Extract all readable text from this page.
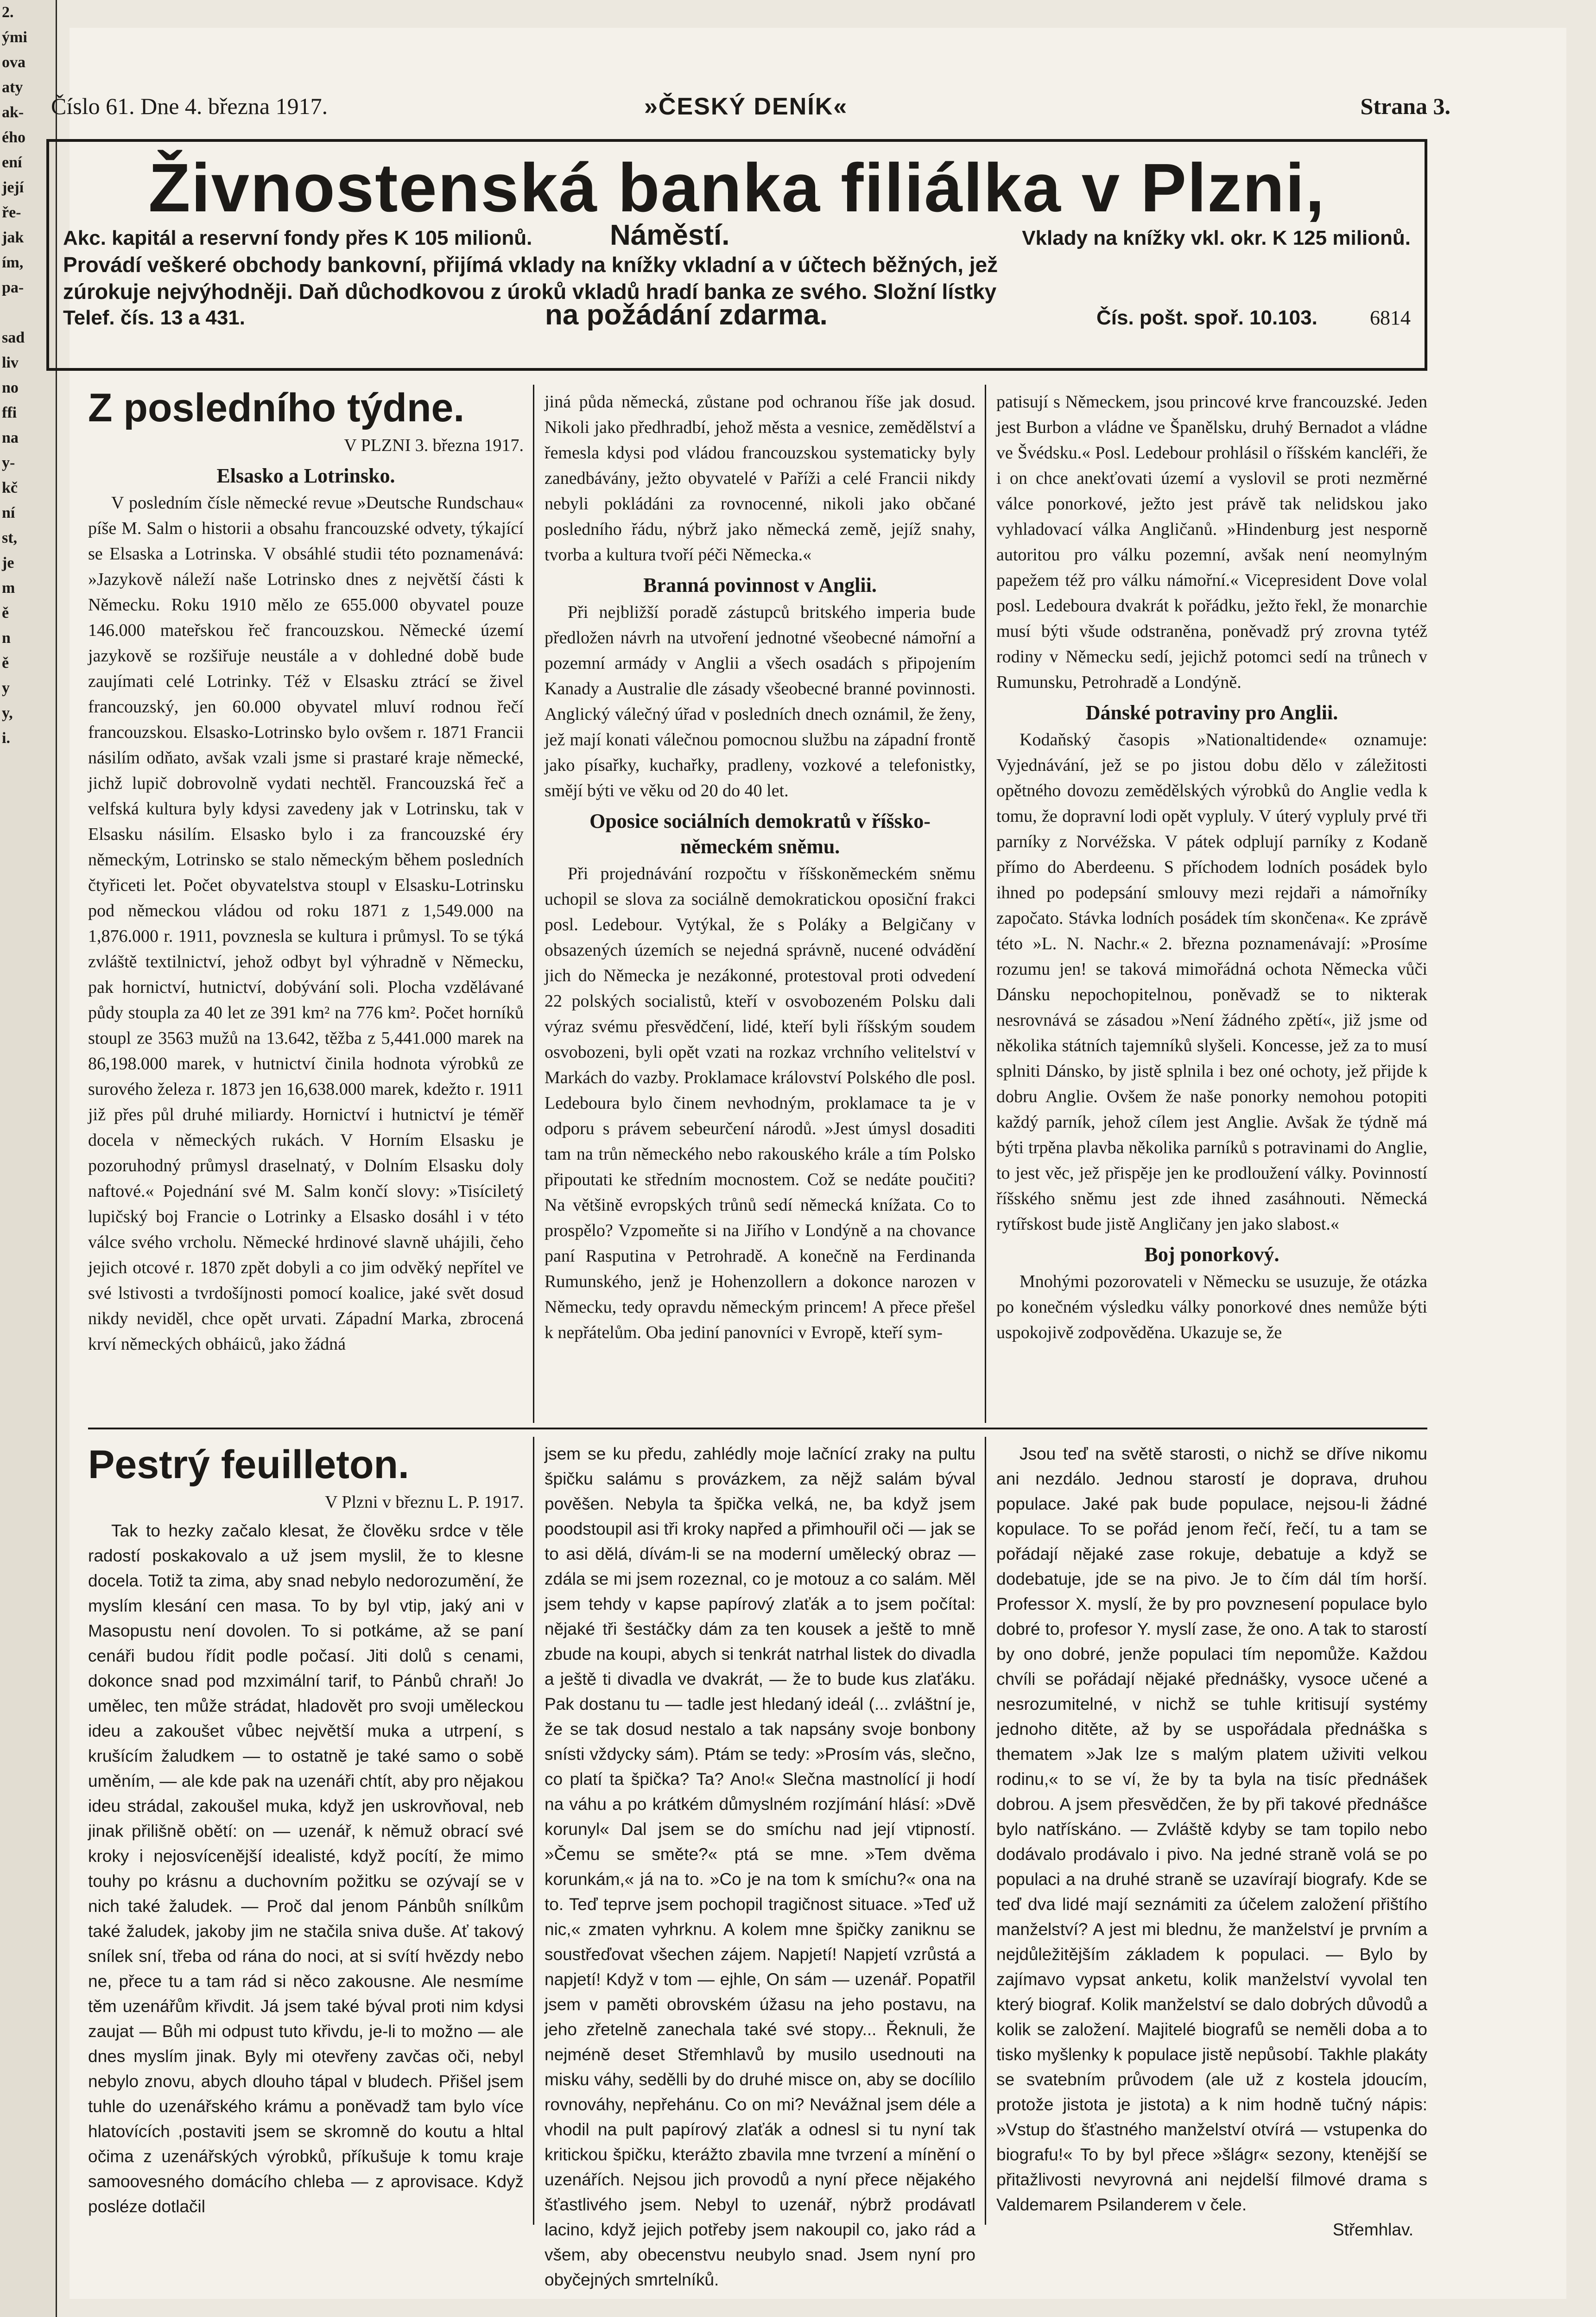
2.
ými
ova
aty
ak-
ého
ení
její
ře-
jak
ím,
pa-

sad
liv
no
ffi
na
y-
kč
ní
st,
je
m
ě
n
ě
y
y,
i.
Číslo 61. Dne 4. března 1917.	»ČESKÝ DENÍK«	Strana 3.
Živnostenská banka filiálka v Plzni,
Akc. kapitál a reservní fondy přes K 105 milionů.	Náměstí.	Vklady na knížky vkl. okr. K 125 milionů.
Provádí veškeré obchody bankovní, přijímá vklady na knížky vkladní a v účtech běžných, jež
zúrokuje nejvýhodněji. Daň důchodkovou z úroků vkladů hradí banka ze svého. Složní lístky
Telef. čís. 13 a 431.	na požádání zdarma.	Čís. pošt. spoř. 10.103.	6814
Z posledního týdne.
V PLZNI 3. března 1917.
Elsasko a Lotrinsko.

V posledním čísle německé revue »Deutsche Rundschau« píše M. Salm o historii a obsahu francouzské odvety, týkající se Elsaska a Lotrinska. V obsáhlé studii této poznamenává: »Jazykově náleží naše Lotrinsko dnes z největší části k Německu. Roku 1910 mělo ze 655.000 obyvatel pouze 146.000 mateřskou řeč francouzskou. Německé území jazykově se rozšiřuje neustále a v dohledné době bude zaujímati celé Lotrinky. Též v Elsasku ztrácí se živel francouzský, jen 60.000 obyvatel mluví rodnou řečí francouzskou. Elsasko-Lotrinsko bylo ovšem r. 1871 Francii násilím odňato, avšak vzali jsme si prastaré kraje německé, jichž lupič dobrovolně vydati nechtěl. Francouzská řeč a velfská kultura byly kdysi zavedeny jak v Lotrinsku, tak v Elsasku násilím. Elsasko bylo i za francouzské éry německým, Lotrinsko se stalo německým během posledních čtyřiceti let. Počet obyvatelstva stoupl v Elsasku-Lotrinsku pod německou vládou od roku 1871 z 1,549.000 na 1,876.000 r. 1911, povznesla se kultura i průmysl. To se týká zvláště textilnictví, jehož odbyt byl výhradně v Německu, pak hornictví, hutnictví, dobývání soli. Plocha vzdělávané půdy stoupla za 40 let ze 391 km² na 776 km². Počet horníků stoupl ze 3563 mužů na 13.642, těžba z 5,441.000 marek na 86,198.000 marek, v hutnictví činila hodnota výrobků ze surového železa r. 1873 jen 16,638.000 marek, kdežto r. 1911 již přes půl druhé miliardy. Hornictví i hutnictví je téměř docela v německých rukách. V Horním Elsasku je pozoruhodný průmysl draselnatý, v Dolním Elsasku doly naftové.« Pojednání své M. Salm končí slovy: »Tisíciletý lupičský boj Francie o Lotrinky a Elsasko dosáhl i v této válce svého vrcholu. Německé hrdinové slavně uhájili, čeho jejich otcové r. 1870 zpět dobyli a co jim odvěký nepřítel ve své lstivosti a tvrdošíjnosti pomocí koalice, jaké svět dosud nikdy neviděl, chce opět urvati. Západní Marka, zbrocená krví německých obháiců, jako žádná

jiná půda německá, zůstane pod ochranou říše jak dosud. Nikoli jako předhradbí, jehož města a vesnice, zemědělství a řemesla kdysi pod vládou francouzskou systematicky byly zanedbávány, ježto obyvatelé v Paříži a celé Francii nikdy nebyli pokládáni za rovnocenné, nikoli jako občané posledního řádu, nýbrž jako německá země, jejíž snahy, tvorba a kultura tvoří péči Německa.«

Branná povinnost v Anglii.

Při nejbližší poradě zástupců britského imperia bude předložen návrh na utvoření jednotné všeobecné námořní a pozemní armády v Anglii a všech osadách s připojením Kanady a Australie dle zásady všeobecné branné povinnosti. Anglický válečný úřad v posledních dnech oznámil, že ženy, jež mají konati válečnou pomocnou službu na západní frontě jako písařky, kuchařky, pradleny, vozkové a telefonistky, smějí býti ve věku od 20 do 40 let.

Oposice sociálních demokratů v říšsko-německém sněmu.

Při projednávání rozpočtu v říšskoněmeckém sněmu uchopil se slova za sociálně demokratickou oposiční frakci posl. Ledebour. Vytýkal, že s Poláky a Belgičany v obsazených územích se nejedná správně, nucené odvádění jich do Německa je nezákonné, protestoval proti odvedení 22 polských socialistů, kteří v osvobozeném Polsku dali výraz svému přesvědčení, lidé, kteří byli říšským soudem osvobozeni, byli opět vzati na rozkaz vrchního velitelství v Markách do vazby. Proklamace království Polského dle posl. Ledeboura bylo činem nevhodným, proklamace ta je v odporu s právem sebeurčení národů. »Jest úmysl dosaditi tam na trůn německého nebo rakouského krále a tím Polsko připoutati ke středním mocnostem. Což se nedáte poučiti? Na většině evropských trůnů sedí německá knížata. Co to prospělo? Vzpomeňte si na Jiřího v Londýně a na chovance paní Rasputina v Petrohradě. A konečně na Ferdinanda Rumunského, jenž je Hohenzollern a dokonce narozen v Německu, tedy opravdu německým princem! A přece přešel k nepřátelům. Oba jediní panovníci v Evropě, kteří sym-

patisují s Německem, jsou princové krve francouzské. Jeden jest Burbon a vládne ve Španělsku, druhý Bernadot a vládne ve Švédsku.« Posl. Ledebour prohlásil o říšském kancléři, že i on chce anekťovati území a vyslovil se proti nezměrné válce ponorkové, ježto jest právě tak nelidskou jako vyhladovací válka Angličanů. »Hindenburg jest nesporně autoritou pro válku pozemní, avšak není neomylným papežem též pro válku námořní.« Vicepresident Dove volal posl. Ledeboura dvakrát k pořádku, ježto řekl, že monarchie musí býti všude odstraněna, poněvadž prý zrovna tytéž rodiny v Německu sedí, jejichž potomci sedí na trůnech v Rumunsku, Petrohradě a Londýně.

Dánské potraviny pro Anglii.

Kodaňský časopis »Nationaltidende« oznamuje: Vyjednávání, jež se po jistou dobu dělo v záležitosti opětného dovozu zemědělských výrobků do Anglie vedla k tomu, že dopravní lodi opět vypluly. V úterý vypluly prvé tři parníky z Norvéžska. V pátek odplují parníky z Kodaně přímo do Aberdeenu. S příchodem lodních posádek bylo ihned po podepsání smlouvy mezi rejdaři a námořníky započato. Stávka lodních posádek tím skončena«. Ke zprávě této »L. N. Nachr.« 2. března poznamenávají: »Prosíme rozumu jen! se taková mimořádná ochota Německa vůči Dánsku nepochopitelnou, poněvadž se to nikterak nesrovnává se zásadou »Není žádného zpětí«, již jsme od několika státních tajemníků slyšeli. Koncesse, jež za to musí splniti Dánsko, by jistě splnila i bez oné ochoty, jež přijde k dobru Anglie. Ovšem že naše ponorky nemohou potopiti každý parník, jehož cílem jest Anglie. Avšak že týdně má býti trpěna plavba několika parníků s potravinami do Anglie, to jest věc, jež přispěje jen ke prodloužení války. Povinností říšského sněmu jest zde ihned zasáhnouti. Německá rytířskost bude jistě Angličany jen jako slabost.«

Boj ponorkový.

Mnohými pozorovateli v Německu se usuzuje, že otázka po konečném výsledku války ponorkové dnes nemůže býti uspokojivě zodpověděna. Ukazuje se, že

Pestrý feuilleton.
V Plzni v březnu L. P. 1917.

Tak to hezky začalo klesat, že člověku srdce v těle radostí poskakovalo a už jsem myslil, že to klesne docela. Totiž ta zima, aby snad nebylo nedorozumění, že myslím klesání cen masa. To by byl vtip, jaký ani v Masopustu není dovolen. To si potkáme, až se paní cenáři budou řídit podle počasí. Jiti dolů s cenami, dokonce snad pod mzximální tarif, to Pánbů chraň! Jo umělec, ten může strádat, hladovět pro svoji uměleckou ideu a zakoušet vůbec největší muka a utrpení, s krušícím žaludkem — to ostatně je také samo o sobě uměním, — ale kde pak na uzenáři chtít, aby pro nějakou ideu strádal, zakoušel muka, když jen uskrovňoval, neb jinak přilišně obětí: on — uzenář, k němuž obrací své kroky i nejosvícenější idealisté, když pocítí, že mimo touhy po krásnu a duchovním požitku se ozývají se v nich také žaludek. — Proč dal jenom Pánbůh snílkům také žaludek, jakoby jim ne stačila sniva duše. Ať takový snílek sní, třeba od rána do noci, at si svítí hvězdy nebo ne, přece tu a tam rád si něco zakousne. Ale nesmíme těm uzenářům křivdit. Já jsem také býval proti nim kdysi zaujat — Bůh mi odpust tuto křivdu, je-li to možno — ale dnes myslím jinak. Byly mi otevřeny zavčas oči, nebyl nebylo znovu, abych dlouho tápal v bludech. Přišel jsem tuhle do uzenářského krámu a poněvadž tam bylo více hlatovících ,postaviti jsem se skromně do koutu a hltal očima z uzenářských výrobků, příkušuje k tomu kraje samoovesného domácího chleba — z aprovisace. Když posléze dotlačil

jsem se ku předu, zahlédly moje lačnící zraky na pultu špičku salámu s provázkem, za nějž salám býval pověšen. Nebyla ta špička velká, ne, ba když jsem poodstoupil asi tři kroky napřed a přimhouřil oči — jak se to asi dělá, dívám-li se na moderní umělecký obraz — zdála se mi jsem rozeznal, co je motouz a co salám. Měl jsem tehdy v kapse papírový zlaťák a to jsem počítal: nějaké tři šestáčky dám za ten kousek a ještě to mně zbude na koupi, abych si tenkrát natrhal listek do divadla a ještě ti divadla ve dvakrát, — že to bude kus zlaťáku. Pak dostanu tu — tadle jest hledaný ideál (... zvláštní je, že se tak dosud nestalo a tak napsány svoje bonbony snísti vždycky sám). Ptám se tedy: »Prosím vás, slečno, co platí ta špička? Ta? Ano!« Slečna mastnolící ji hodí na váhu a po krátkém důmyslném rozjímání hlásí: »Dvě korunyl« Dal jsem se do smíchu nad její vtipností. »Čemu se směte?« ptá se mne. »Tem dvěma korunkám,« já na to. »Co je na tom k smíchu?« ona na to. Teď teprve jsem pochopil tragičnost situace. »Teď už nic,« zmaten vyhrknu. A kolem mne špičky zaniknu se soustřeďovat všechen zájem. Napjetí! Napjetí vzrůstá a napjetí! Když v tom — ejhle, On sám — uzenář. Popatřil jsem v paměti obrovském úžasu na jeho postavu, na jeho zřetelně zanechala také své stopy... Řeknuli, že nejméně deset Střemhlavů by musilo usednouti na misku váhy, sedělli by do druhé misce on, aby se docílilo rovnováhy, nepřehánu. Co on mi? Nevážnal jsem déle a vhodil na pult papírový zlaťák a odnesl si tu nyní tak kritickou špičku, kterážto zbavila mne tvrzení a mínění o uzenářích. Nejsou jich provodů a nyní přece nějakého šťastlivého jsem. Nebyl to uzenář, nýbrž prodávatl lacino, když jejich potřeby jsem nakoupil co, jako rád a všem, aby obecenstvu neubylo snad. Jsem nyní pro obyčejných smrtelníků.

Jsou teď na světě starosti, o nichž se dříve nikomu ani nezdálo. Jednou starostí je doprava, druhou populace. Jaké pak bude populace, nejsou-li žádné kopulace. To se pořád jenom řečí, řečí, tu a tam se pořádají nějaké zase rokuje, debatuje a když se dodebatuje, jde se na pivo. Je to čím dál tím horší. Professor X. myslí, že by pro povznesení populace bylo dobré to, profesor Y. myslí zase, že ono. A tak to starostí by ono dobré, jenže populaci tím nepomůže. Každou chvíli se pořádají nějaké přednášky, vysoce učené a nesrozumitelné, v nichž se tuhle kritisují systémy jednoho ditěte, až by se uspořádala přednáška s thematem »Jak lze s malým platem uživiti velkou rodinu,« to se ví, že by ta byla na tisíc přednášek dobrou. A jsem přesvědčen, že by při takové přednášce bylo natřískáno. — Zvláště kdyby se tam topilo nebo dodávalo prodávalo i pivo. Na jedné straně volá se po populaci a na druhé straně se uzavírají biografy. Kde se teď dva lidé mají seznámiti za účelem založení přištího manželství? A jest mi blednu, že manželství je prvním a nejdůležitějším základem k populaci. — Bylo by zajímavo vypsat anketu, kolik manželství vyvolal ten který biograf. Kolik manželství se dalo dobrých důvodů a kolik se založení. Majitelé biografů se neměli doba a to tisko myšlenky k populace jistě nepůsobí. Takhle plakáty se svatebním průvodem (ale už z kostela jdoucím, protože jistota je jistota) a k nim hodně tučný nápis: »Vstup do šťastného manželství otvírá — vstupenka do biografu!« To by byl přece »šlágr« sezony, ktenější se přitažlivosti nevyrovná ani nejdelší filmové drama s Valdemarem Psilanderem v čele.

Střemhlav.
